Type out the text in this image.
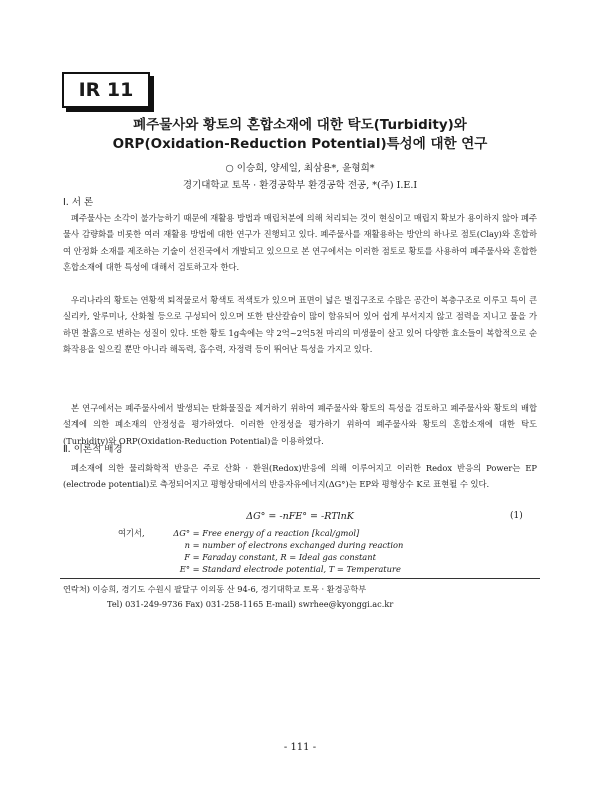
IR 11
폐주물사와 황토의 혼합소재에 대한 탁도(Turbidity)와
ORP(Oxidation-Reduction Potential)특성에 대한 연구
○ 이승희, 양세일, 최삼용*, 윤형희*
경기대학교 토목 · 환경공학부 환경공학 전공, *(주) I.E.I
Ⅰ. 서 론

폐주물사는 소각이 불가능하기 때문에 재활용 방법과 매립처분에 의해 처리되는 것이 현실이고 매립지 확보가 용이하지 않아 폐주물사 감량화를 비롯한 여러 재활용 방법에 대한 연구가 진행되고 있다. 폐주물사를 재활용하는 방안의 하나로 점토(Clay)와 혼합하여 안정화 소재를 제조하는 기술이 선진국에서 개발되고 있으므로 본 연구에서는 이러한 점토로 황토를 사용하여 폐주물사와 혼합한 혼합소재에 대한 특성에 대해서 검토하고자 한다.

우리나라의 황토는 연황색 퇴적물로서 황색토 적색토가 있으며 표면이 넓은 벌집구조로 수많은 공간이 복층구조로 이루고 특이 큰 실리카, 알루미나, 산화철 등으로 구성되어 있으며 또한 탄산칼슘이 많이 함유되어 있어 쉽게 부서지지 않고 점력을 지니고 물을 가하면 찰흙으로 변하는 성질이 있다. 또한 황토 1g속에는 약 2억~2억5천 마리의 미생물이 살고 있어 다양한 효소들이 복합적으로 순화작용을 일으킬 뿐만 아니라 해독력, 흡수력, 자정력 등이 뛰어난 특성을 가지고 있다.

본 연구에서는 폐주물사에서 발생되는 탄화물질을 제거하기 위하여 폐주물사와 황토의 특성을 검토하고 폐주물사와 황토의 배합설계에 의한 폐소재의 안정성을 평가하였다. 이러한 안정성을 평가하기 위하여 폐주물사와 황토의 혼합소재에 대한 탁도(Turbidity)와 ORP(Oxidation-Reduction Potential)을 이용하였다.

Ⅱ. 이론적 배경

폐소재에 의한 물리화학적 반응은 주로 산화 · 환원(Redox)반응에 의해 이루어지고 이러한 Redox 반응의 Power는 EP (electrode potential)로 측정되어지고 평형상태에서의 반응자유에너지(ΔG°)는 EP와 평형상수 K로 표현될 수 있다.

ΔG° = -nFE° = -RTlnK	(1)
여기서,	ΔG° = Free energy of a reaction [kcal/gmol]
n = number of electrons exchanged during reaction
F = Faraday constant, R = Ideal gas constant
E° = Standard electrode potential, T = Temperature
연락처) 이승희, 경기도 수원시 팔달구 이의동 산 94-6, 경기대학교 토목 · 환경공학부
Tel) 031-249-9736 Fax) 031-258-1165 E-mail) swrhee@kyonggi.ac.kr
- 111 -
